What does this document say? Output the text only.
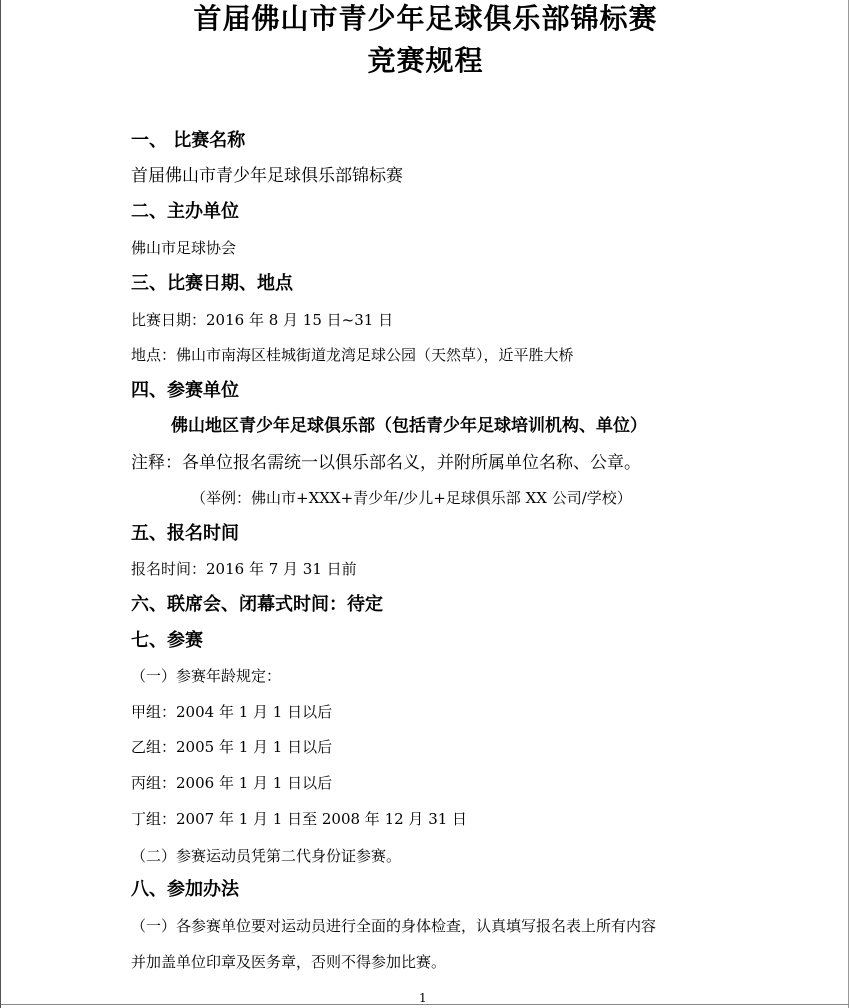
首届佛山市青少年足球俱乐部锦标赛
竞赛规程
一、 比赛名称
首届佛山市青少年足球俱乐部锦标赛
二、主办单位
佛山市足球协会
三、比赛日期、地点
比赛日期：2016 年 8 月 15 日~31 日
地点：佛山市南海区桂城街道龙湾足球公园（天然草），近平胜大桥
四、参赛单位
佛山地区青少年足球俱乐部（包括青少年足球培训机构、单位）
注释：各单位报名需统一以俱乐部名义，并附所属单位名称、公章。
（举例：佛山市+XXX+青少年/少儿+足球俱乐部 XX 公司/学校）
五、报名时间
报名时间：2016 年 7 月 31 日前
六、联席会、闭幕式时间：待定
七、参赛
（一）参赛年龄规定：
甲组：2004 年 1 月 1 日以后
乙组：2005 年 1 月 1 日以后
丙组：2006 年 1 月 1 日以后
丁组：2007 年 1 月 1 日至 2008 年 12 月 31 日
（二）参赛运动员凭第二代身份证参赛。
八、参加办法
（一）各参赛单位要对运动员进行全面的身体检查，认真填写报名表上所有内容
并加盖单位印章及医务章，否则不得参加比赛。
1
